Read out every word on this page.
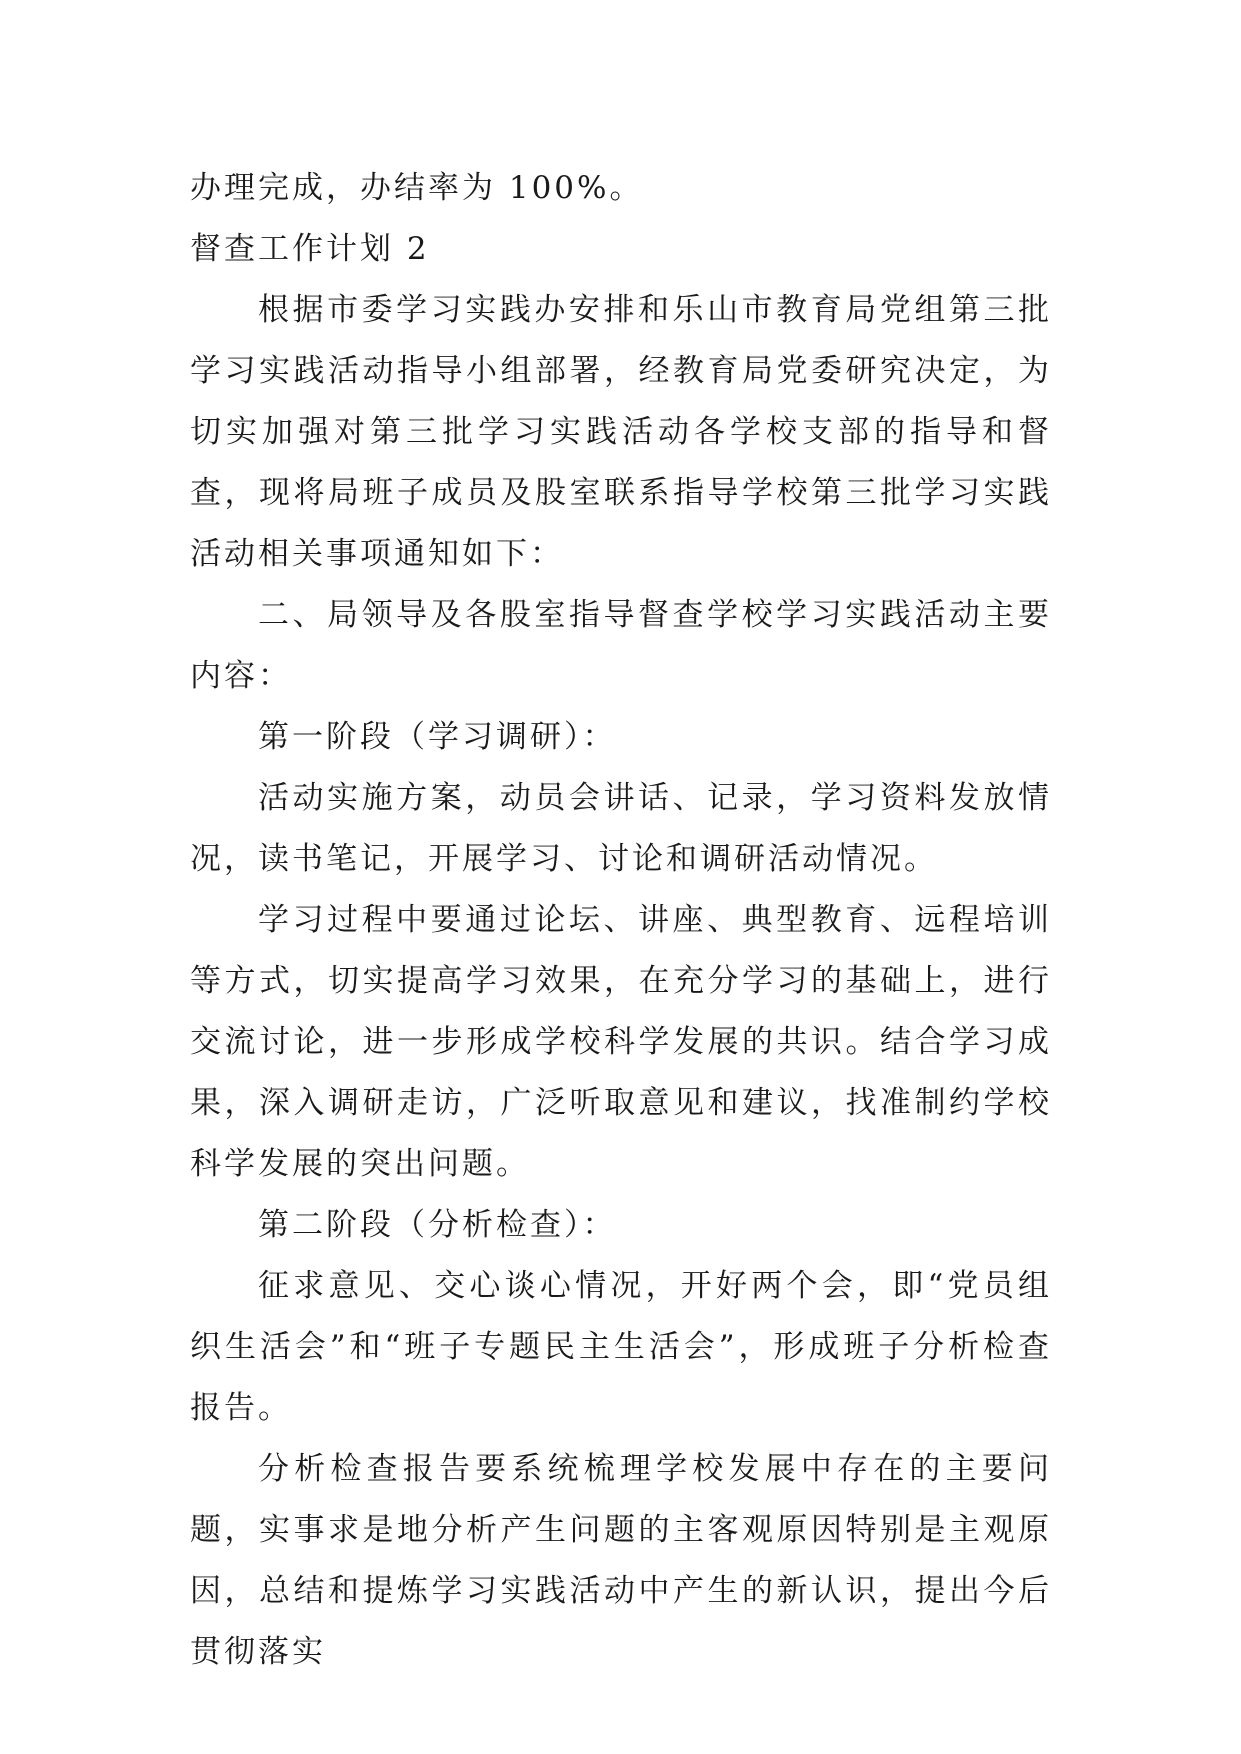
办理完成，办结率为 100%。

督查工作计划 2

根据市委学习实践办安排和乐山市教育局党组第三批学习实践活动指导小组部署，经教育局党委研究决定，为切实加强对第三批学习实践活动各学校支部的指导和督查，现将局班子成员及股室联系指导学校第三批学习实践活动相关事项通知如下：

二、局领导及各股室指导督查学校学习实践活动主要内容：

第一阶段（学习调研）：

活动实施方案，动员会讲话、记录，学习资料发放情况，读书笔记，开展学习、讨论和调研活动情况。

学习过程中要通过论坛、讲座、典型教育、远程培训等方式，切实提高学习效果，在充分学习的基础上，进行交流讨论，进一步形成学校科学发展的共识。结合学习成果，深入调研走访，广泛听取意见和建议，找准制约学校科学发展的突出问题。

第二阶段（分析检查）：

征求意见、交心谈心情况，开好两个会，即“党员组织生活会”和“班子专题民主生活会”，形成班子分析检查报告。

分析检查报告要系统梳理学校发展中存在的主要问题，实事求是地分析产生问题的主客观原因特别是主观原因，总结和提炼学习实践活动中产生的新认识，提出今后贯彻落实
